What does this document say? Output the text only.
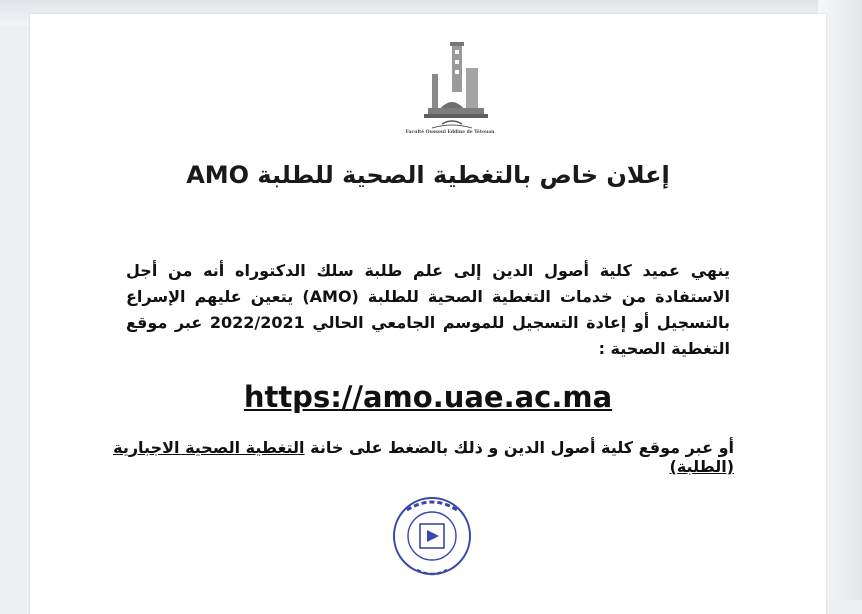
Faculté Oussoul Eddine de Tétouan
إعلان خاص بالتغطية الصحية للطلبة AMO
ينهي عميد كلية أصول الدين إلى علم طلبة سلك الدكتوراه أنه من أجل الاستفادة من خدمات التغطية الصحية للطلبة (AMO) يتعين عليهم الإسراع بالتسجيل أو إعادة التسجيل للموسم الجامعي الحالي 2022/2021 عبر موقع التغطية الصحية :
https://amo.uae.ac.ma
أو عبر موقع كلية أصول الدين و ذلك بالضغط على خانة التغطية الصحية الاجبارية (الطلبة)
